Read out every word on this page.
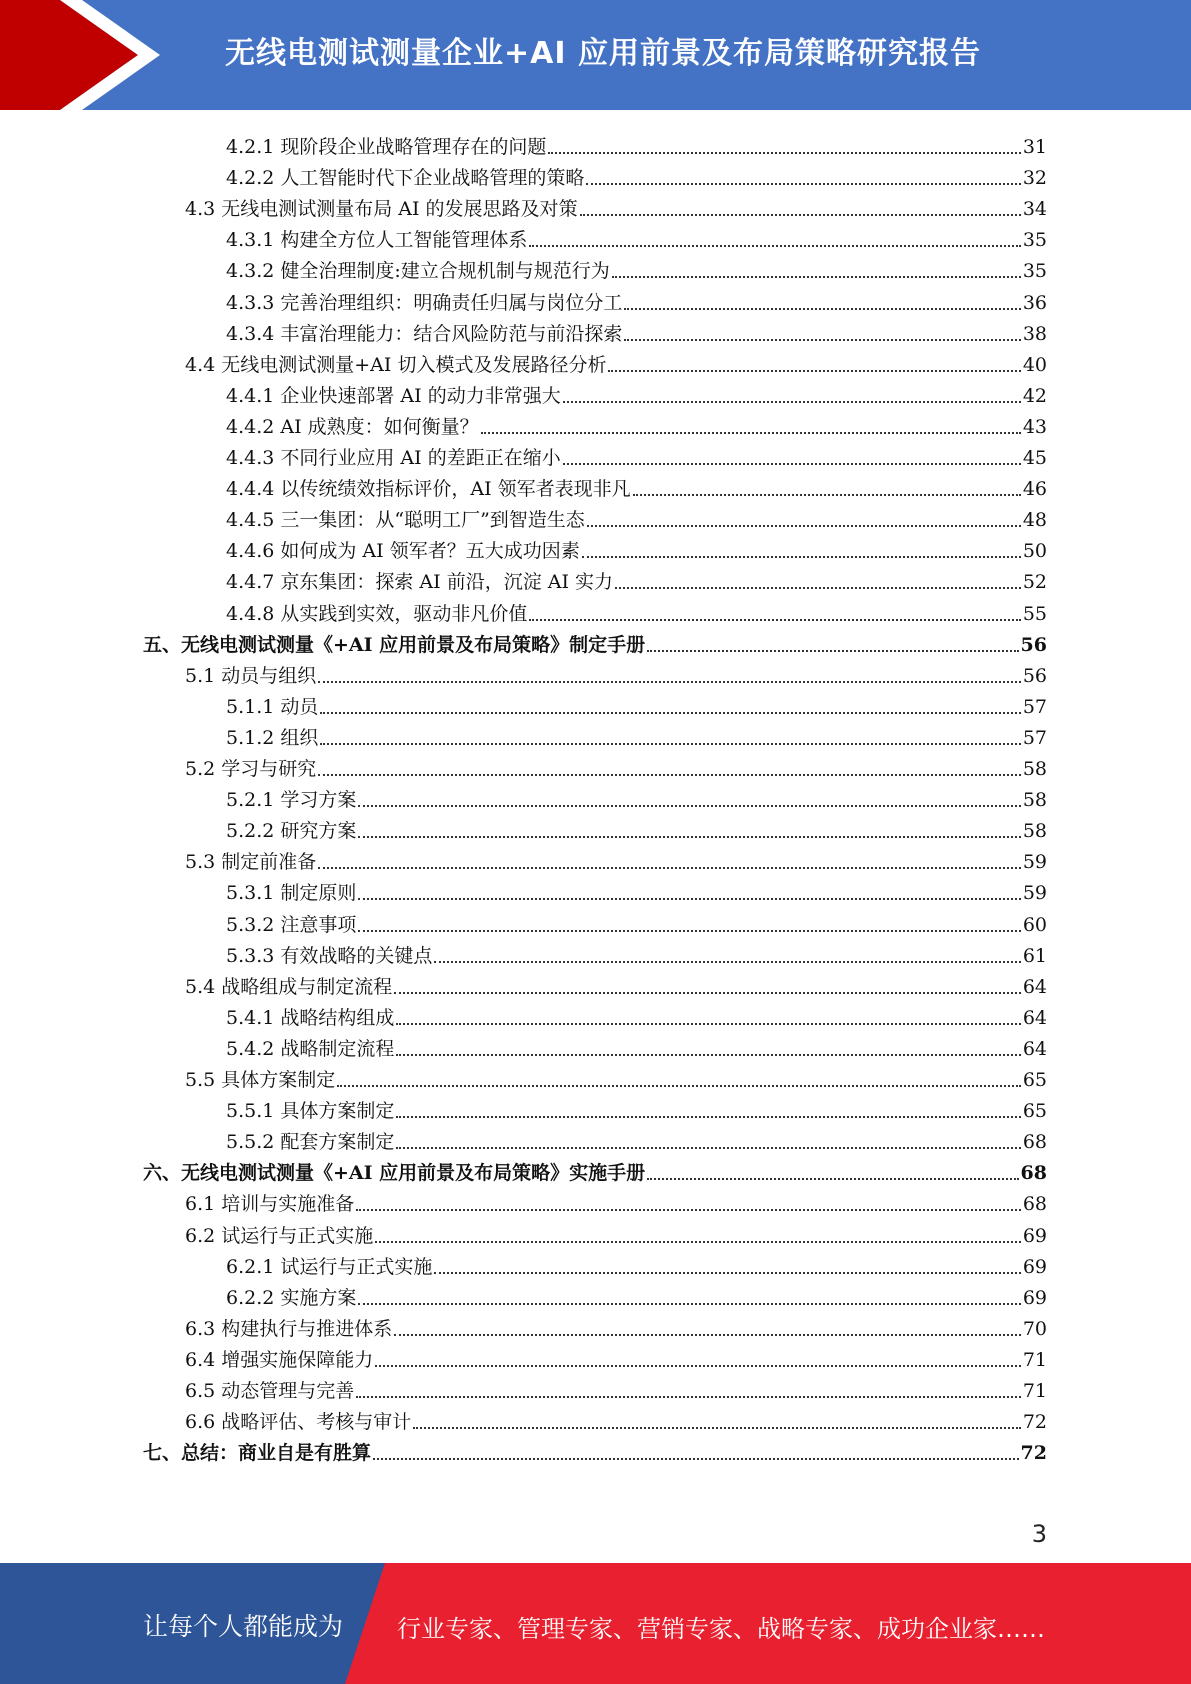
无线电测试测量企业+AI 应用前景及布局策略研究报告
4.2.1 现阶段企业战略管理存在的问题	31
4.2.2 人工智能时代下企业战略管理的策略	32
4.3 无线电测试测量布局 AI 的发展思路及对策	34
4.3.1 构建全方位人工智能管理体系	35
4.3.2 健全治理制度:建立合规机制与规范行为	35
4.3.3 完善治理组织：明确责任归属与岗位分工	36
4.3.4 丰富治理能力：结合风险防范与前沿探索	38
4.4 无线电测试测量+AI 切入模式及发展路径分析	40
4.4.1 企业快速部署 AI 的动力非常强大	42
4.4.2 AI 成熟度：如何衡量？	43
4.4.3 不同行业应用 AI 的差距正在缩小	45
4.4.4 以传统绩效指标评价，AI 领军者表现非凡	46
4.4.5 三一集团：从“聪明工厂”到智造生态	48
4.4.6 如何成为 AI 领军者？五大成功因素	50
4.4.7 京东集团：探索 AI 前沿，沉淀 AI 实力	52
4.4.8 从实践到实效，驱动非凡价值	55
五、无线电测试测量《+AI 应用前景及布局策略》制定手册	56
5.1 动员与组织	56
5.1.1 动员	57
5.1.2 组织	57
5.2 学习与研究	58
5.2.1 学习方案	58
5.2.2 研究方案	58
5.3 制定前准备	59
5.3.1 制定原则	59
5.3.2 注意事项	60
5.3.3 有效战略的关键点	61
5.4 战略组成与制定流程	64
5.4.1 战略结构组成	64
5.4.2 战略制定流程	64
5.5 具体方案制定	65
5.5.1 具体方案制定	65
5.5.2 配套方案制定	68
六、无线电测试测量《+AI 应用前景及布局策略》实施手册	68
6.1 培训与实施准备	68
6.2 试运行与正式实施	69
6.2.1 试运行与正式实施	69
6.2.2 实施方案	69
6.3 构建执行与推进体系	70
6.4 增强实施保障能力	71
6.5 动态管理与完善	71
6.6 战略评估、考核与审计	72
七、总结：商业自是有胜算	72
3
让每个人都能成为 行业专家、管理专家、营销专家、战略专家、成功企业家……
